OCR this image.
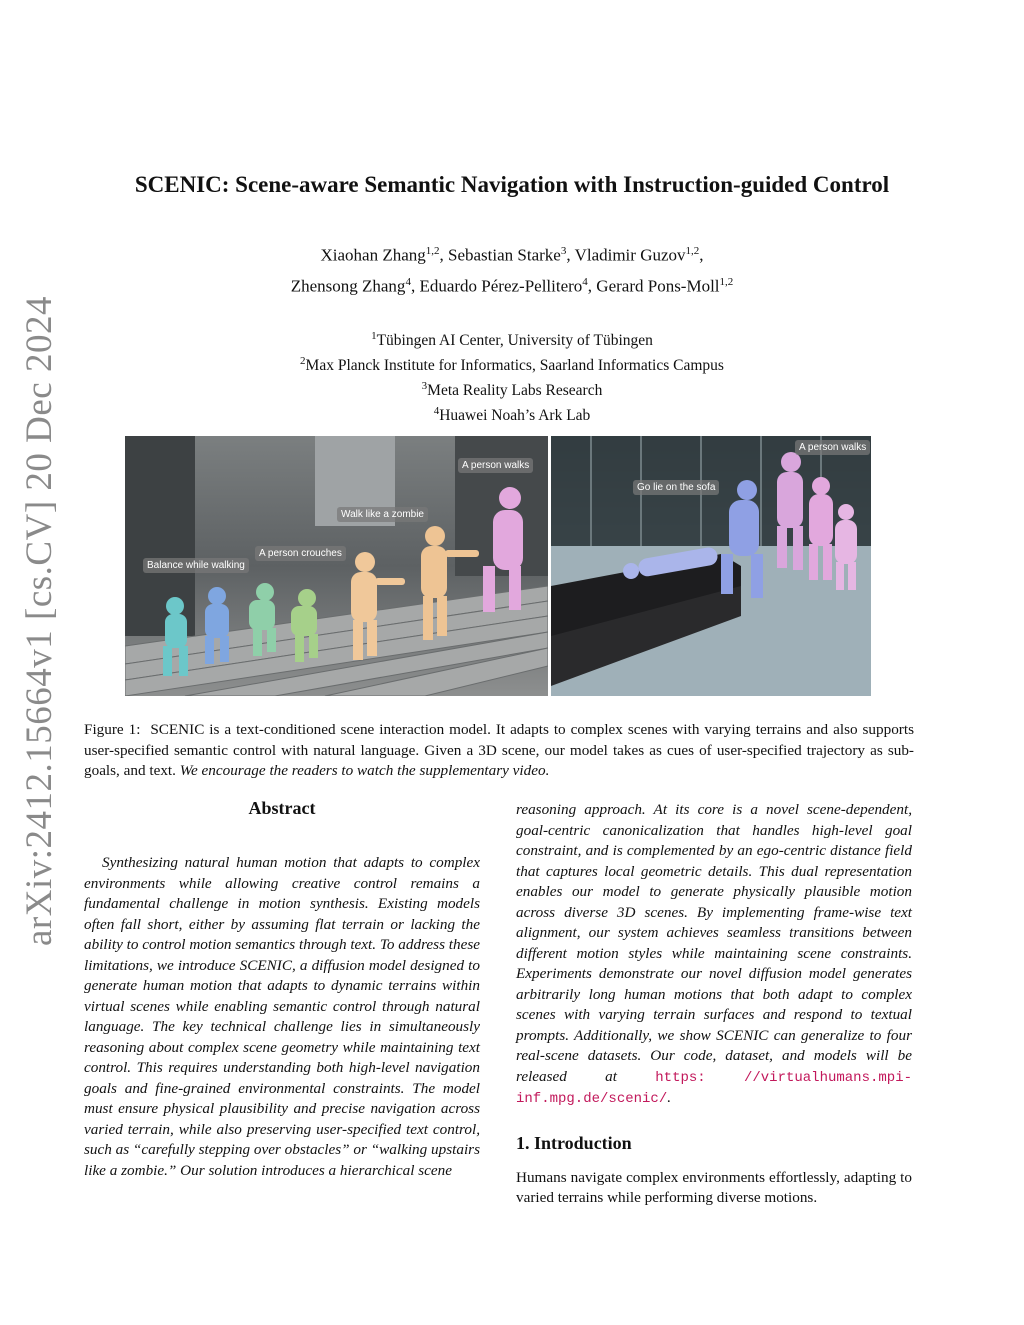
arXiv:2412.15664v1 [cs.CV] 20 Dec 2024
SCENIC: Scene-aware Semantic Navigation with Instruction-guided Control
Xiaohan Zhang$^{1,2}$, Sebastian Starke$^3$, Vladimir Guzov$^{1,2}$,
Zhensong Zhang$^4$, Eduardo Pérez-Pellitero$^4$, Gerard Pons-Moll$^{1,2}$
$^1$Tübingen AI Center, University of Tübingen
$^2$Max Planck Institute for Informatics, Saarland Informatics Campus
$^3$Meta Reality Labs Research
$^4$Huawei Noah’s Ark Lab
Balance while walking
A person crouches
Walk like a zombie
A person walks
Go lie on the sofa
A person walks
Figure 1: SCENIC is a text-conditioned scene interaction model. It adapts to complex scenes with varying terrains and also supports user-specified semantic control with natural language. Given a 3D scene, our model takes as cues of user-specified trajectory as sub-goals, and text. We encourage the readers to watch the supplementary video.
Abstract

Synthesizing natural human motion that adapts to complex environments while allowing creative control remains a fundamental challenge in motion synthesis. Existing models often fall short, either by assuming flat terrain or lacking the ability to control motion semantics through text. To address these limitations, we introduce SCENIC, a diffusion model designed to generate human motion that adapts to dynamic terrains within virtual scenes while enabling semantic control through natural language. The key technical challenge lies in simultaneously reasoning about complex scene geometry while maintaining text control. This requires understanding both high-level navigation goals and fine-grained environmental constraints. The model must ensure physical plausibility and precise navigation across varied terrain, while also preserving user-specified text control, such as “carefully stepping over obstacles” or “walking upstairs like a zombie.” Our solution introduces a hierarchical scene

reasoning approach. At its core is a novel scene-dependent, goal-centric canonicalization that handles high-level goal constraint, and is complemented by an ego-centric distance field that captures local geometric details. This dual representation enables our model to generate physically plausible motion across diverse 3D scenes. By implementing frame-wise text alignment, our system achieves seamless transitions between different motion styles while maintaining scene constraints. Experiments demonstrate our novel diffusion model generates arbitrarily long human motions that both adapt to complex scenes with varying terrain surfaces and respond to textual prompts. Additionally, we show SCENIC can generalize to four real-scene datasets. Our code, dataset, and models will be released at	https:	//virtualhumans.mpi-inf.mpg.de/scenic/.

1. Introduction

Humans navigate complex environments effortlessly, adapting to varied terrains while performing diverse motions.
